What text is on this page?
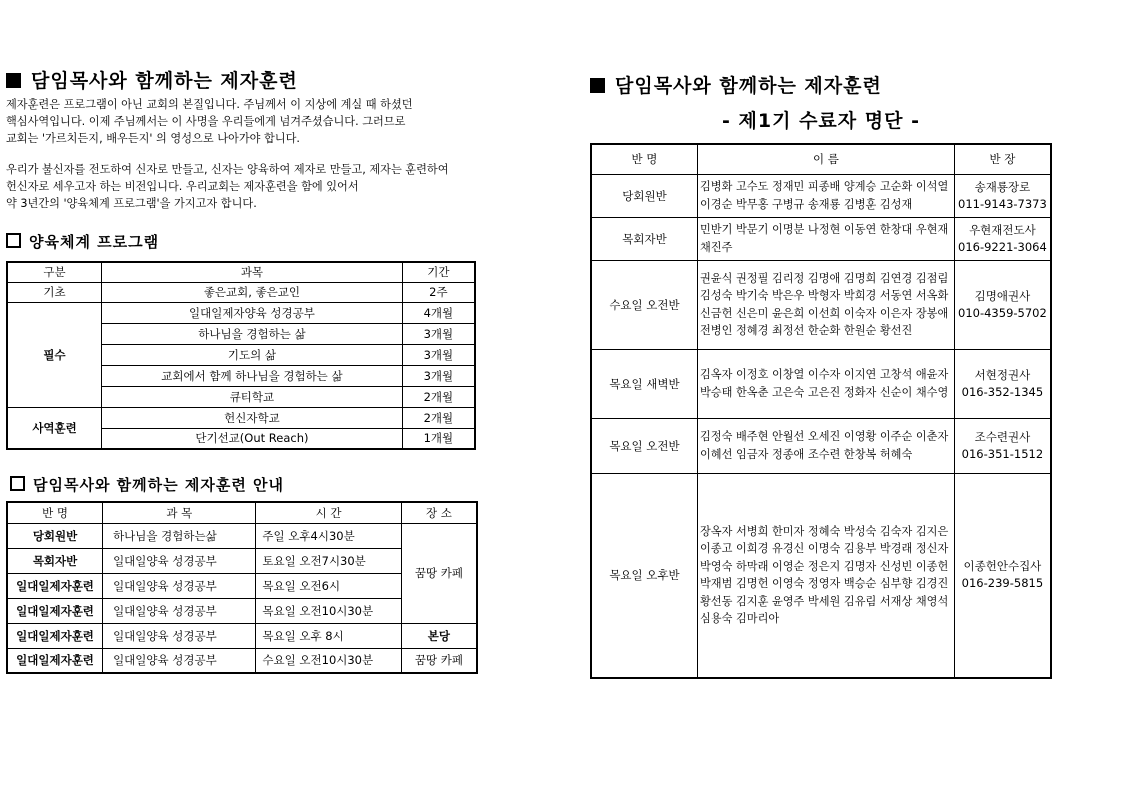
담임목사와 함께하는 제자훈련
제자훈련은 프로그램이 아닌 교회의 본질입니다. 주님께서 이 지상에 계실 때 하셨던
핵심사역입니다. 이제 주님께서는 이 사명을 우리들에게 넘겨주셨습니다. 그러므로
교회는 '가르치든지, 배우든지' 의 영성으로 나아가야 합니다.
우리가 불신자를 전도하여 신자로 만들고, 신자는 양육하여 제자로 만들고, 제자는 훈련하여
헌신자로 세우고자 하는 비전입니다. 우리교회는 제자훈련을 함에 있어서
약 3년간의 '양육체계 프로그램'을 가지고자 합니다.
양육체계 프로그램
구분	과목	기간
기초	좋은교회, 좋은교인	2주
필수	일대일제자양육 성경공부	4개월
	하나님을 경험하는 삶	3개월
	기도의 삶	3개월
	교회에서 함께 하나님을 경험하는 삶	3개월
	큐티학교	2개월
사역훈련	헌신자학교	2개월
	단기선교(Out Reach)	1개월
담임목사와 함께하는 제자훈련 안내
반 명	과 목	시 간	장 소
당회원반	하나님을 경험하는삶	주일 오후4시30분	꿈땅 카페
목회자반	일대일양육 성경공부	토요일 오전7시30분	
일대일제자훈련	일대일양육 성경공부	목요일 오전6시	
일대일제자훈련	일대일양육 성경공부	목요일 오전10시30분	
일대일제자훈련	일대일양육 성경공부	목요일 오후 8시	본당
일대일제자훈련	일대일양육 성경공부	수요일 오전10시30분	꿈땅 카페
담임목사와 함께하는 제자훈련
- 제1기 수료자 명단 -
반 명	이 름	반 장
당회원반	김병화 고수도 정재민 피종배 양계승 고순화 이석열 이경순 박무홍 구병규 송재룡 김병훈 김성재	송재룡장로
011-9143-7373

목회자반	민반기 박문기 이명분 나정현 이동연 한창대 우현재 채진주	우현재전도사
016-9221-3064

수요일 오전반	권윤식 권정필 김리정 김명애 김명희 김연경 김점림 김성숙 박기숙 박은우 박형자 박희경 서동연 서옥화 신금헌 신은미 윤은희 이선희 이숙자 이은자 장봉애 전병인 정혜경 최정선 한순화 한원순 황선진	김명애권사
010-4359-5702

목요일 새벽반	김옥자 이정호 이창열 이수자 이지연 고창석 애윤자 박승태 한옥춘 고은숙 고은진 정화자 신순이 채수영	서현정권사
016-352-1345

목요일 오전반	김정숙 배주현 안월선 오세진 이영황 이주순 이춘자 이혜선 임금자 정종애 조수련 한창복 허혜숙	조수련권사
016-351-1512

목요일 오후반	장옥자 서병희 한미자 정혜숙 박성숙 김숙자 김지은 이종고 이희경 유경신 이명숙 김용부 박경래 정신자 박영숙 하막래 이영순 정은지 김명자 신성빈 이종헌 박재범 김명헌 이영숙 정영자 백승순 심부향 김경진 황선동 김지훈 윤영주 박세원 김유림 서재상 채영석 심용숙 김마리아	이종헌안수집사
016-239-5815
